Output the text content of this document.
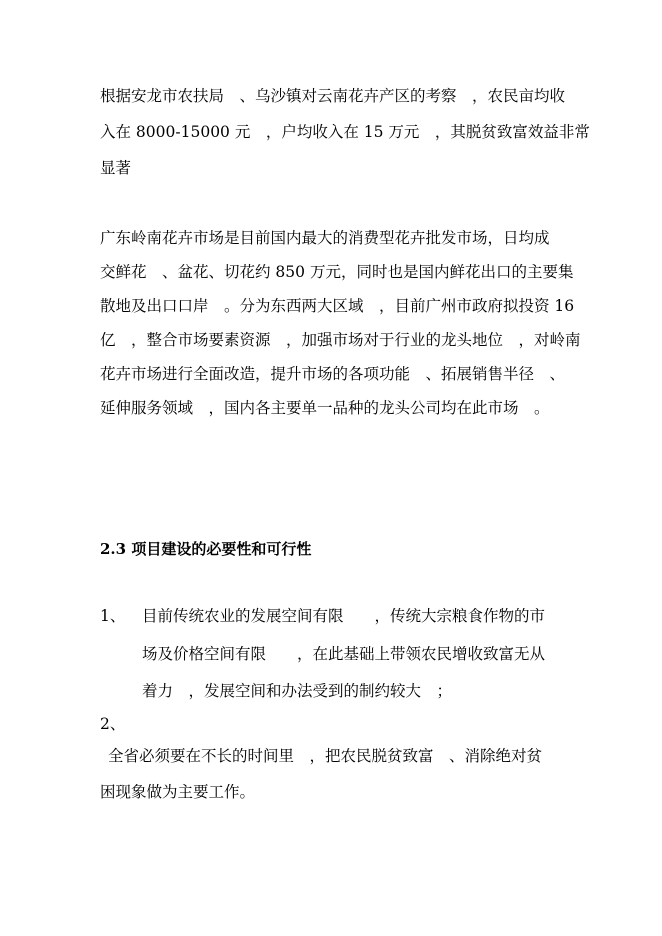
根据安龙市农扶局　、乌沙镇对云南花卉产区的考察　，农民亩均收
入在 8000-15000 元　，户均收入在 15 万元　，其脱贫致富效益非常
显著
广东岭南花卉市场是目前国内最大的消费型花卉批发市场，日均成
交鲜花　、盆花、切花约 850 万元，同时也是国内鲜花出口的主要集
散地及出口口岸　。分为东西两大区域　，目前广州市政府拟投资 16
亿　，整合市场要素资源　，加强市场对于行业的龙头地位　，对岭南
花卉市场进行全面改造，提升市场的各项功能　、拓展销售半径　、
延伸服务领域　，国内各主要单一品种的龙头公司均在此市场　。
2.3 项目建设的必要性和可行性
1、 目前传统农业的发展空间有限　　，传统大宗粮食作物的市
场及价格空间有限　　，在此基础上带领农民增收致富无从
着力　，发展空间和办法受到的制约较大　；
2、
全省必须要在不长的时间里　，把农民脱贫致富　、消除绝对贫
困现象做为主要工作。
